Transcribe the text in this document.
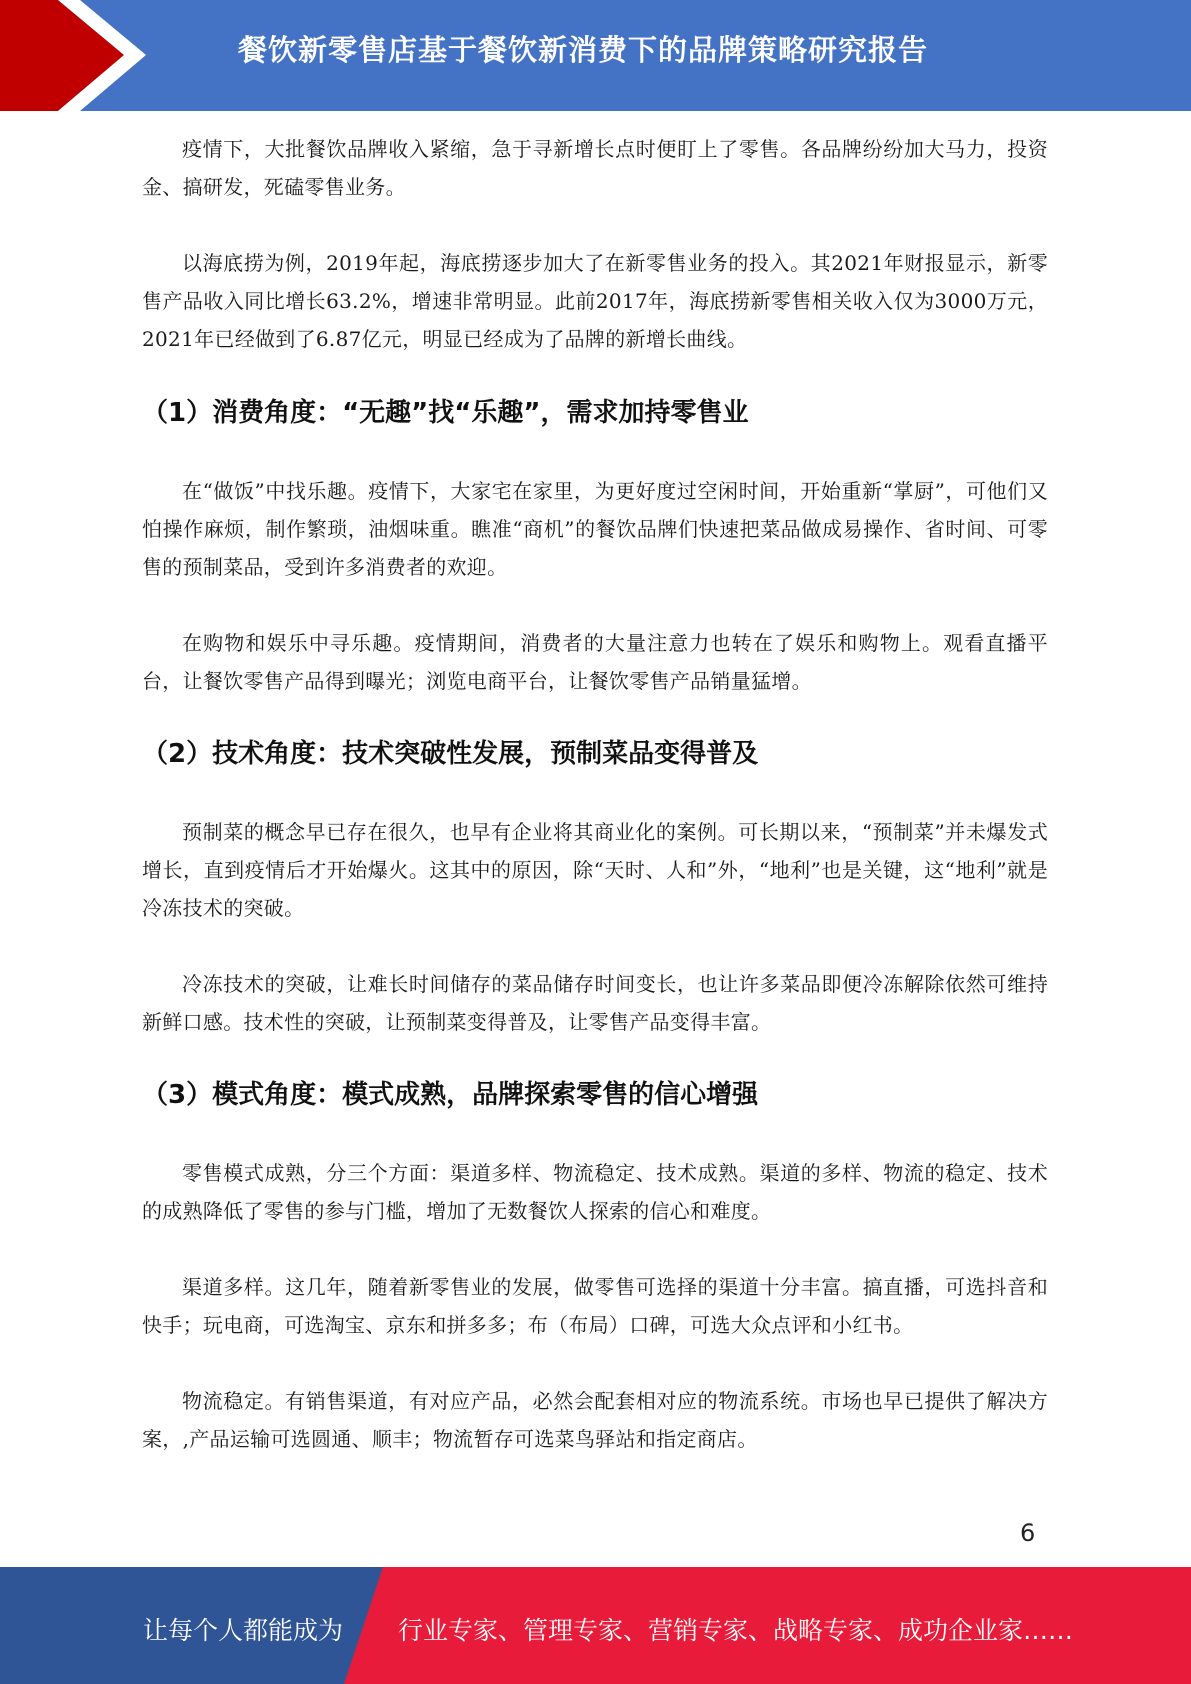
餐饮新零售店基于餐饮新消费下的品牌策略研究报告

疫情下，大批餐饮品牌收入紧缩，急于寻新增长点时便盯上了零售。各品牌纷纷加大马力，投资金、搞研发，死磕零售业务。

以海底捞为例，2019年起，海底捞逐步加大了在新零售业务的投入。其2021年财报显示，新零售产品收入同比增长63.2%，增速非常明显。此前2017年，海底捞新零售相关收入仅为3000万元，2021年已经做到了6.87亿元，明显已经成为了品牌的新增长曲线。

（1）消费角度：“无趣”找“乐趣”，需求加持零售业

在“做饭”中找乐趣。疫情下，大家宅在家里，为更好度过空闲时间，开始重新“掌厨”，可他们又怕操作麻烦，制作繁琐，油烟味重。瞧准“商机”的餐饮品牌们快速把菜品做成易操作、省时间、可零售的预制菜品，受到许多消费者的欢迎。

在购物和娱乐中寻乐趣。疫情期间，消费者的大量注意力也转在了娱乐和购物上。观看直播平台，让餐饮零售产品得到曝光；浏览电商平台，让餐饮零售产品销量猛增。

（2）技术角度：技术突破性发展，预制菜品变得普及

预制菜的概念早已存在很久，也早有企业将其商业化的案例。可长期以来，“预制菜”并未爆发式增长，直到疫情后才开始爆火。这其中的原因，除“天时、人和”外，“地利”也是关键，这“地利”就是冷冻技术的突破。

冷冻技术的突破，让难长时间储存的菜品储存时间变长，也让许多菜品即便冷冻解除依然可维持新鲜口感。技术性的突破，让预制菜变得普及，让零售产品变得丰富。

（3）模式角度：模式成熟，品牌探索零售的信心增强

零售模式成熟，分三个方面：渠道多样、物流稳定、技术成熟。渠道的多样、物流的稳定、技术的成熟降低了零售的参与门槛，增加了无数餐饮人探索的信心和难度。

渠道多样。这几年，随着新零售业的发展，做零售可选择的渠道十分丰富。搞直播，可选抖音和快手；玩电商，可选淘宝、京东和拼多多；布（布局）口碑，可选大众点评和小红书。

物流稳定。有销售渠道，有对应产品，必然会配套相对应的物流系统。市场也早已提供了解决方案，,产品运输可选圆通、顺丰；物流暂存可选菜鸟驿站和指定商店。

6
让每个人都能成为 行业专家、管理专家、营销专家、战略专家、成功企业家……
